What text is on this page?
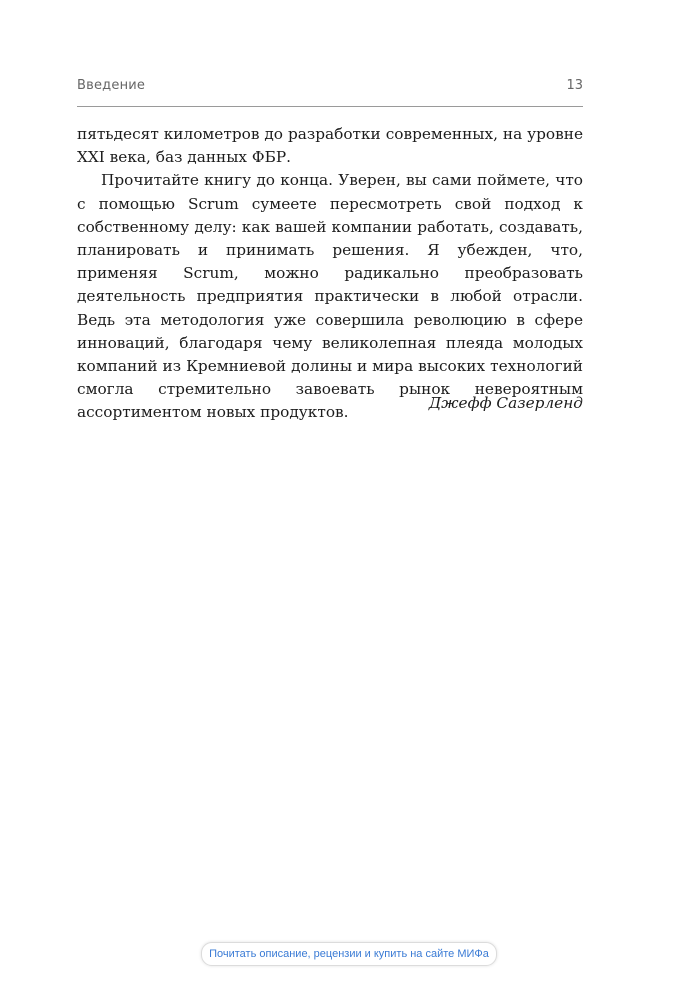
Введение	13

пятьдесят километров до разработки современных, на уровне XXI века, баз данных ФБР.

Прочитайте книгу до конца. Уверен, вы сами поймете, что с помощью Scrum сумеете пересмотреть свой подход к собственному делу: как вашей компании работать, создавать, планировать и принимать решения. Я убежден, что, применяя Scrum, можно радикально преобразовать деятельность предприятия практически в любой отрасли. Ведь эта методология уже совершила революцию в сфере инноваций, благодаря чему великолепная плеяда молодых компаний из Кремниевой долины и мира высоких технологий смогла стремительно завоевать рынок невероятным ассортиментом новых продуктов.

Джефф Сазерленд
Почитать описание, рецензии и купить на сайте МИФа
